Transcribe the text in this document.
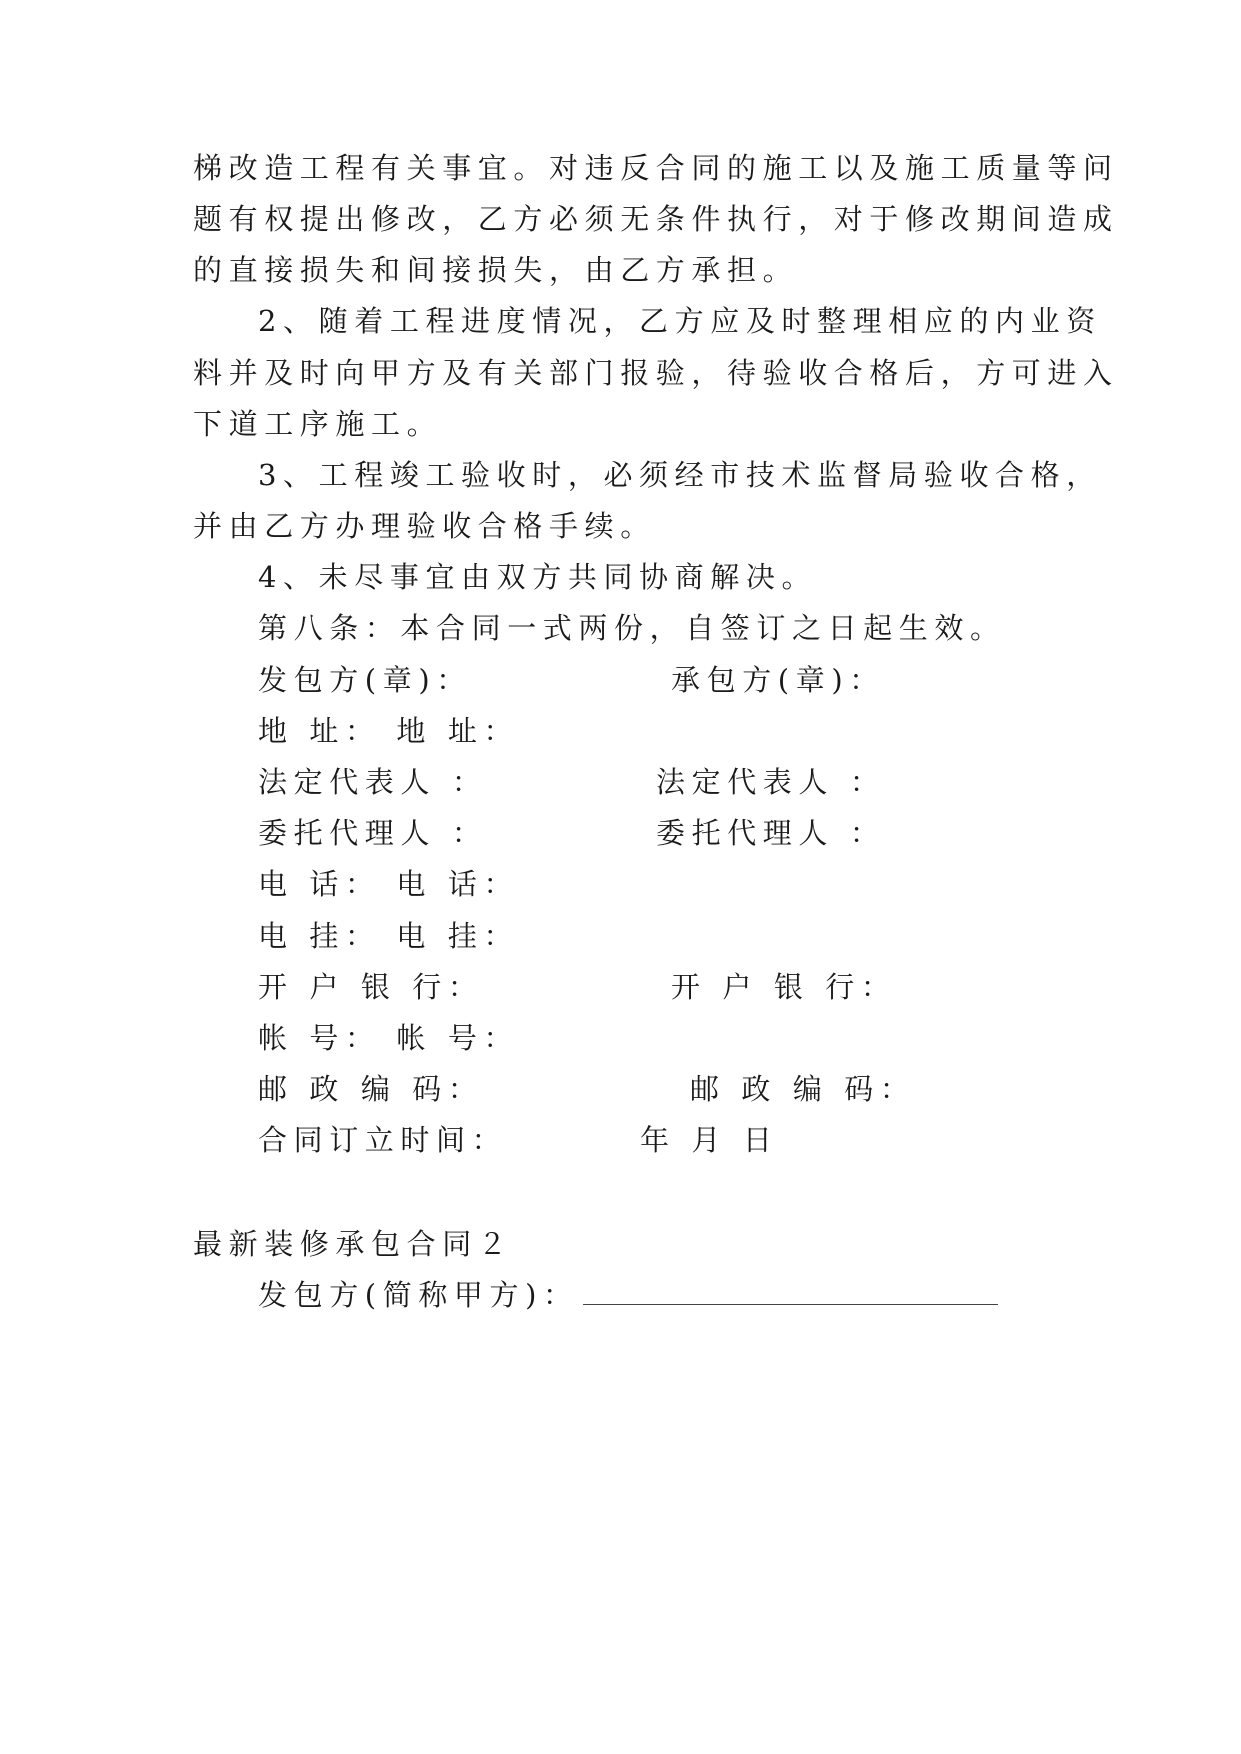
梯改造工程有关事宜。对违反合同的施工以及施工质量等问
题有权提出修改，乙方必须无条件执行，对于修改期间造成
的直接损失和间接损失，由乙方承担。
2、随着工程进度情况，乙方应及时整理相应的内业资
料并及时向甲方及有关部门报验，待验收合格后，方可进入
下道工序施工。
3、工程竣工验收时，必须经市技术监督局验收合格，
并由乙方办理验收合格手续。
4、未尽事宜由双方共同协商解决。
第八条：本合同一式两份，自签订之日起生效。
发包方(章)：	承包方(章)：
地 址： 地 址：
法定代表人 ：	法定代表人 ：
委托代理人 ：	委托代理人 ：
电 话： 电 话：
电 挂： 电 挂：
开 户 银 行：	开 户 银 行：
帐 号： 帐 号：
邮 政 编 码：	邮 政 编 码：
合同订立时间：	年 月 日
最新装修承包合同２
发包方(简称甲方)：
